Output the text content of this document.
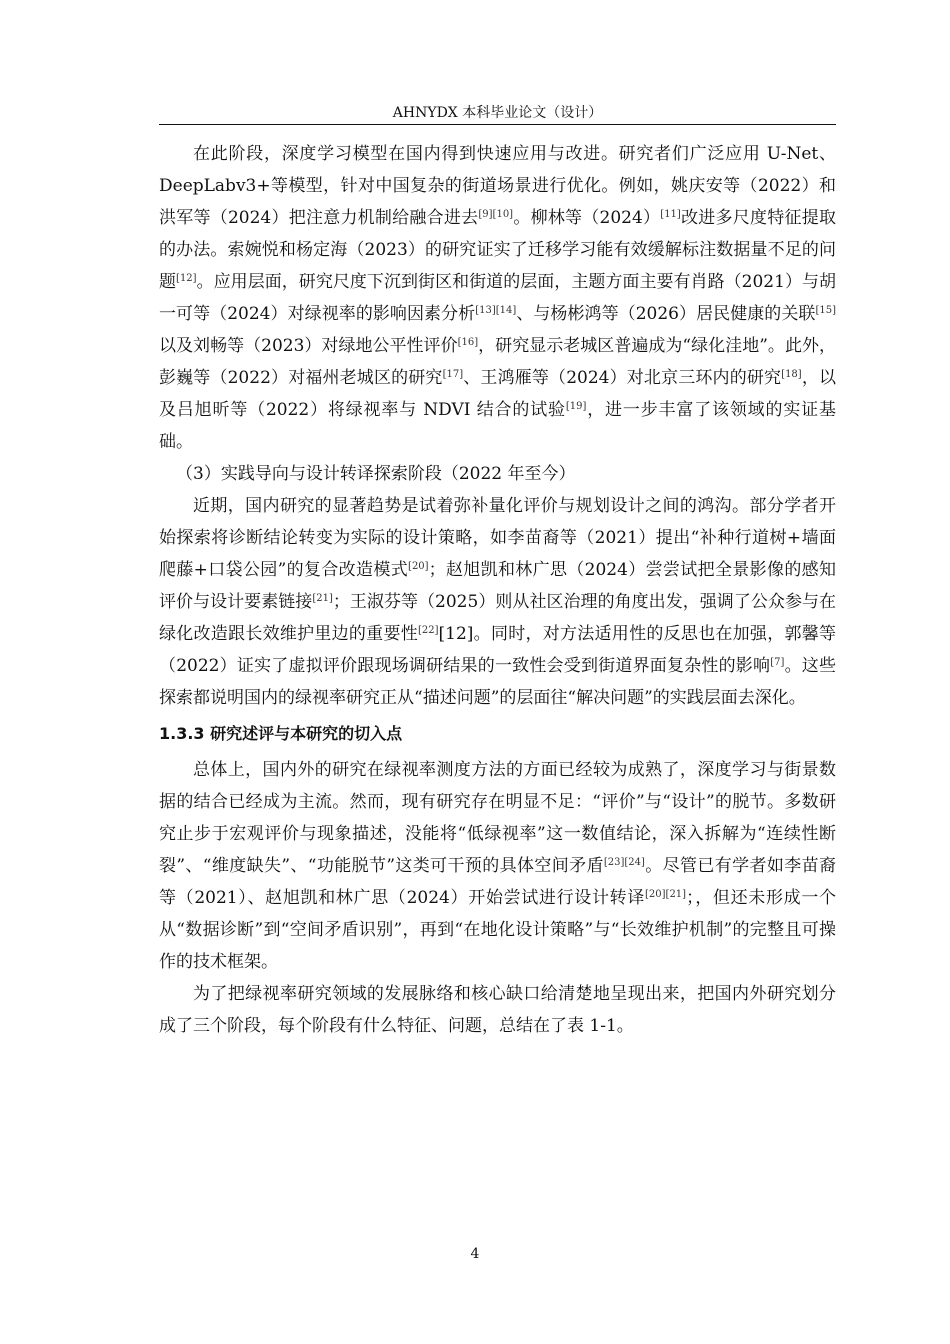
AHNYDX 本科毕业论文（设计）

在此阶段，深度学习模型在国内得到快速应用与改进。研究者们广泛应用 U-Net、DeepLabv3+等模型，针对中国复杂的街道场景进行优化。例如，姚庆安等（2022）和洪军等（2024）把注意力机制给融合进去[9][10]。柳林等（2024）[11]改进多尺度特征提取的办法。索婉悦和杨定海（2023）的研究证实了迁移学习能有效缓解标注数据量不足的问题[12]。应用层面，研究尺度下沉到街区和街道的层面，主题方面主要有肖路（2021）与胡一可等（2024）对绿视率的影响因素分析[13][14]、与杨彬鸿等（2026）居民健康的关联[15]以及刘畅等（2023）对绿地公平性评价[16]，研究显示老城区普遍成为“绿化洼地”。此外，彭巍等（2022）对福州老城区的研究[17]、王鸿雁等（2024）对北京三环内的研究[18]，以及吕旭昕等（2022）将绿视率与 NDVI 结合的试验[19]，进一步丰富了该领域的实证基础。

（3）实践导向与设计转译探索阶段（2022 年至今）

近期，国内研究的显著趋势是试着弥补量化评价与规划设计之间的鸿沟。部分学者开始探索将诊断结论转变为实际的设计策略，如李苗裔等（2021）提出“补种行道树+墙面爬藤+口袋公园”的复合改造模式[20]；赵旭凯和林广思（2024）尝尝试把全景影像的感知评价与设计要素链接[21]；王淑芬等（2025）则从社区治理的角度出发，强调了公众参与在绿化改造跟长效维护里边的重要性[22][12]。同时，对方法适用性的反思也在加强，郭馨等（2022）证实了虚拟评价跟现场调研结果的一致性会受到街道界面复杂性的影响[7]。这些探索都说明国内的绿视率研究正从“描述问题”的层面往“解决问题”的实践层面去深化。

1.3.3 研究述评与本研究的切入点

总体上，国内外的研究在绿视率测度方法的方面已经较为成熟了，深度学习与街景数据的结合已经成为主流。然而，现有研究存在明显不足：“评价”与“设计”的脱节。多数研究止步于宏观评价与现象描述，没能将“低绿视率”这一数值结论，深入拆解为“连续性断裂”、“维度缺失”、“功能脱节”这类可干预的具体空间矛盾[23][24]。尽管已有学者如李苗裔等（2021）、赵旭凯和林广思（2024）开始尝试进行设计转译[20][21]；，但还未形成一个从“数据诊断”到“空间矛盾识别”，再到“在地化设计策略”与“长效维护机制”的完整且可操作的技术框架。

为了把绿视率研究领域的发展脉络和核心缺口给清楚地呈现出来，把国内外研究划分成了三个阶段，每个阶段有什么特征、问题，总结在了表 1-1。

4
